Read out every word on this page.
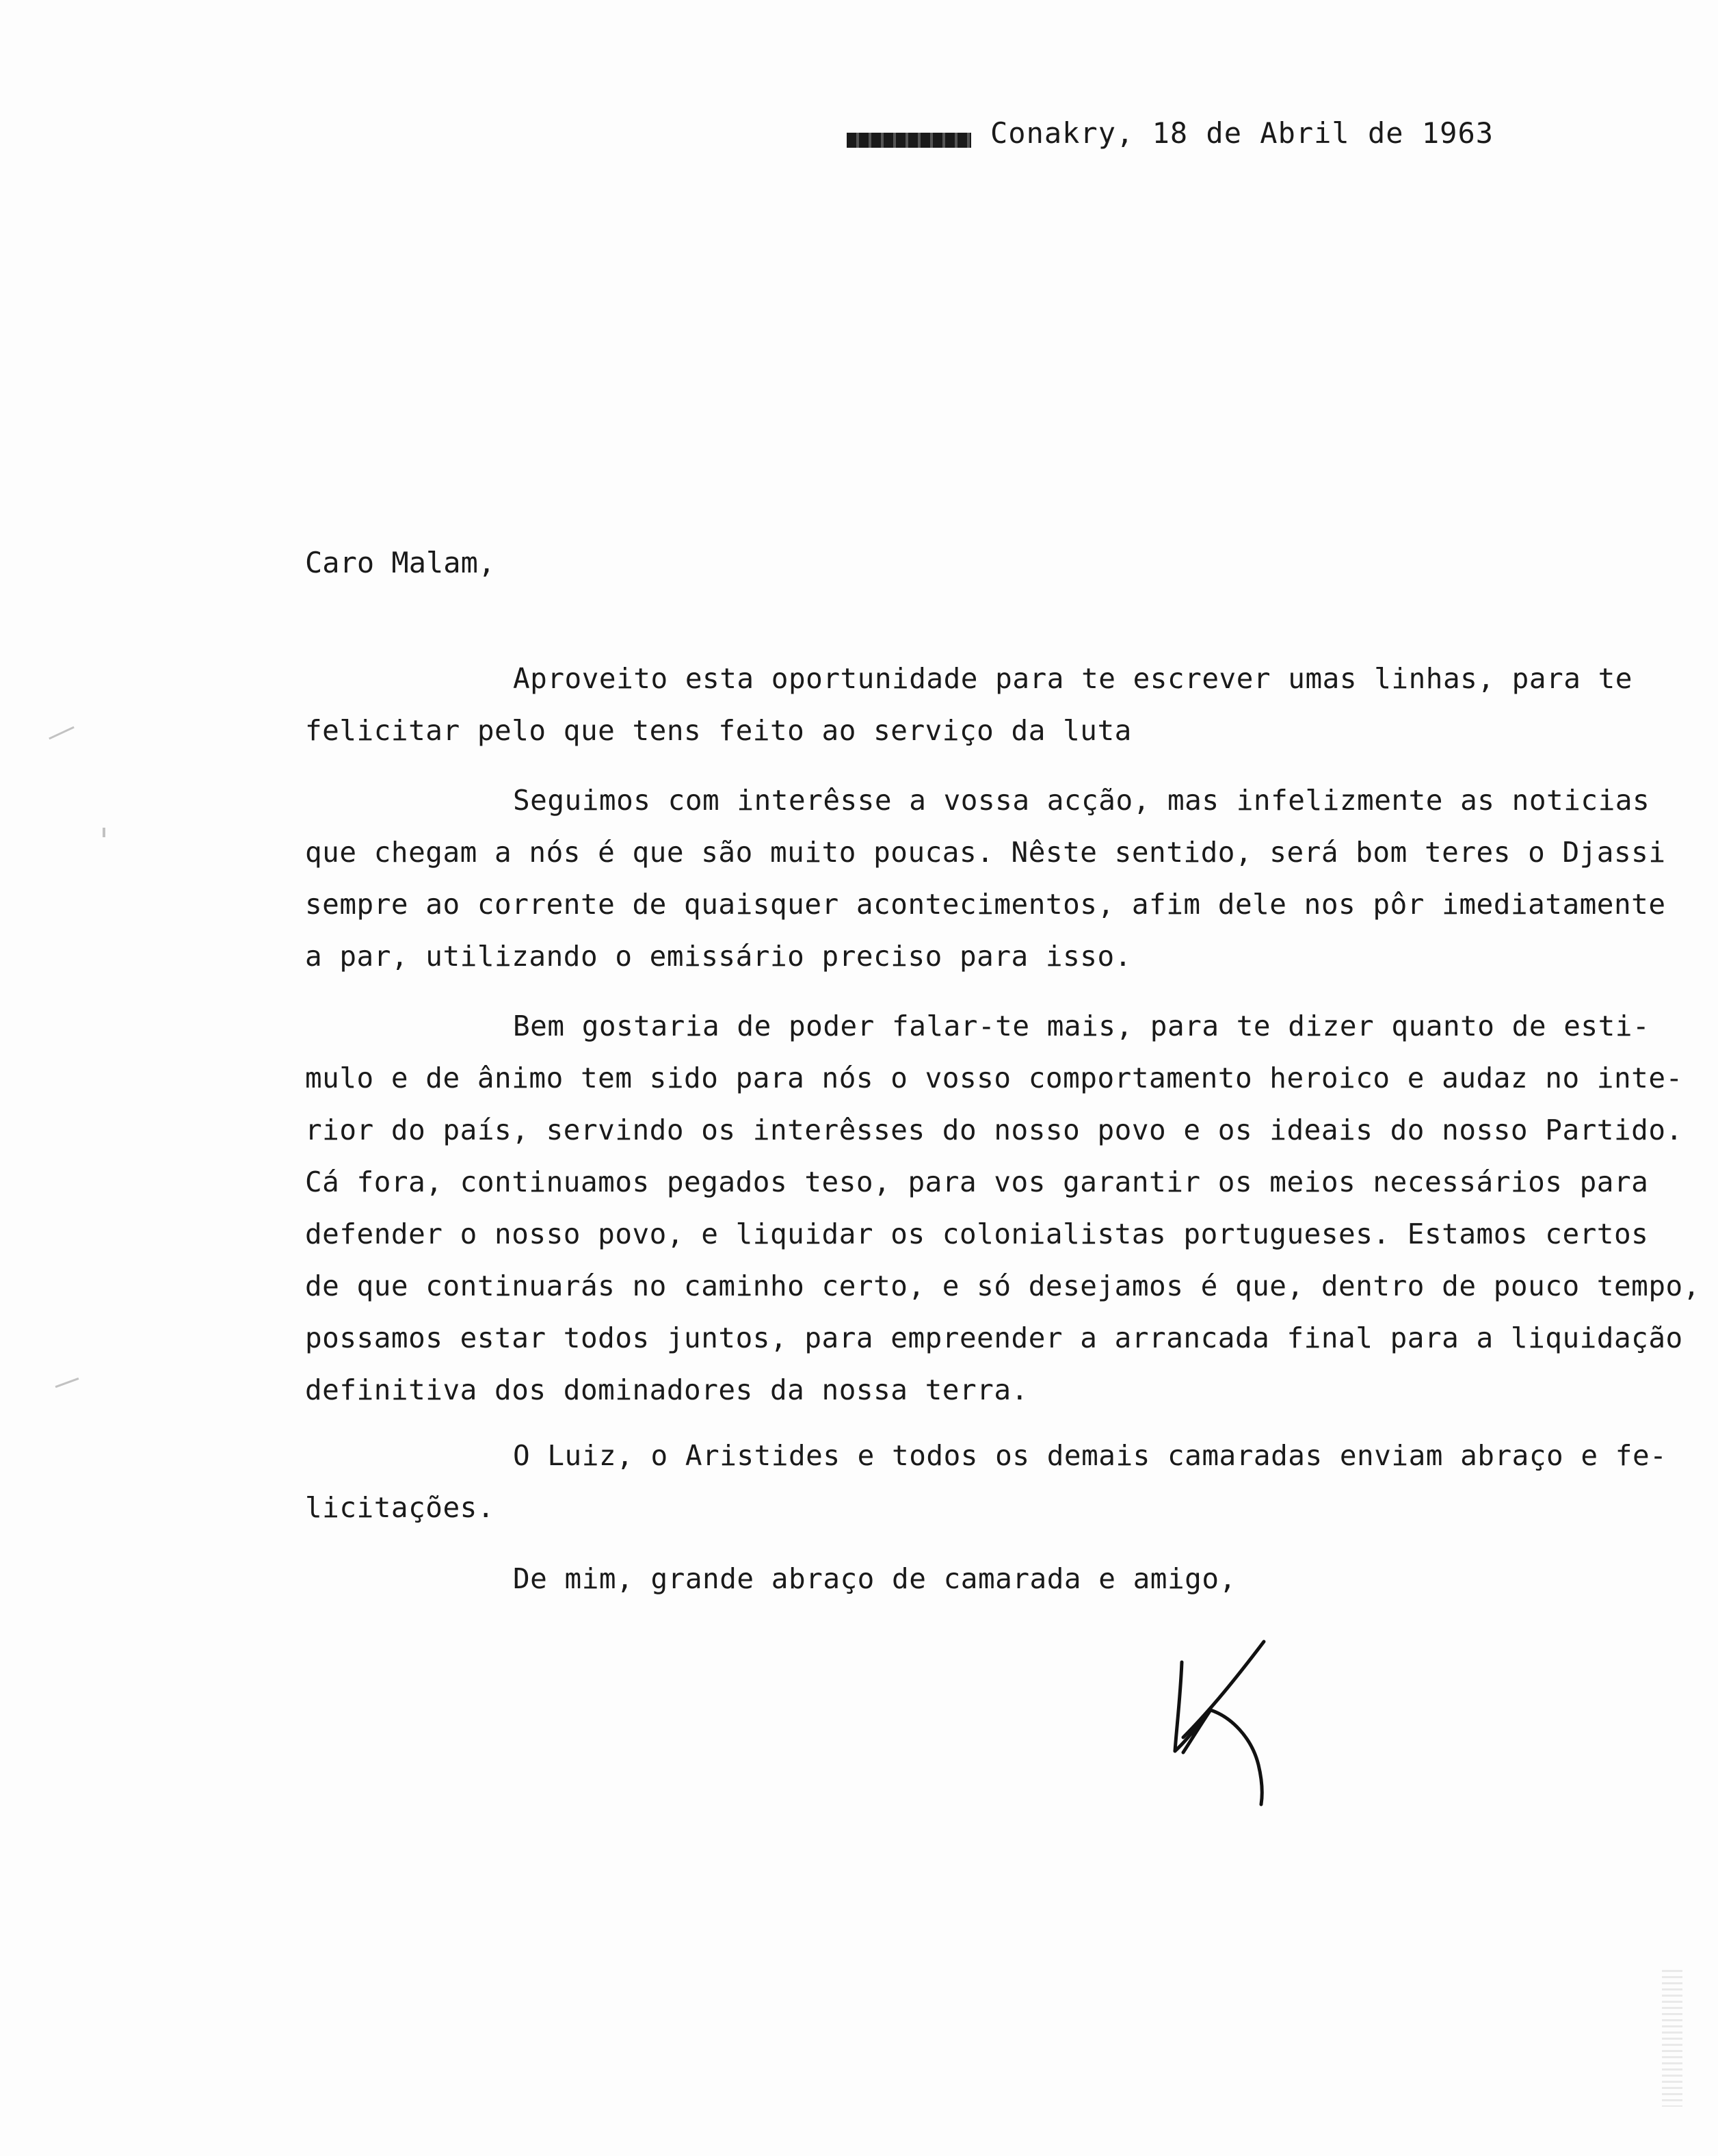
Conakry, 18 de Abril de 1963
Caro Malam,
Aproveito esta oportunidade para te escrever umas linhas, para te
felicitar pelo que tens feito ao serviço da luta
Seguimos com interêsse a vossa acção, mas infelizmente as noticias
que chegam a nós é que são muito poucas. Nêste sentido, será bom teres o Djassi
sempre ao corrente de quaisquer acontecimentos, afim dele nos pôr imediatamente
a par, utilizando o emissário preciso para isso.
Bem gostaria de poder falar-te mais, para te dizer quanto de esti-
mulo e de ânimo tem sido para nós o vosso comportamento heroico e audaz no inte-
rior do país, servindo os interêsses do nosso povo e os ideais do nosso Partido.
Cá fora, continuamos pegados teso, para vos garantir os meios necessários para
defender o nosso povo, e liquidar os colonialistas portugueses. Estamos certos
de que continuarás no caminho certo, e só desejamos é que, dentro de pouco tempo,
possamos estar todos juntos, para empreender a arrancada final para a liquidação
definitiva dos dominadores da nossa terra.
O Luiz, o Aristides e todos os demais camaradas enviam abraço e fe-
licitações.
De mim, grande abraço de camarada e amigo,
